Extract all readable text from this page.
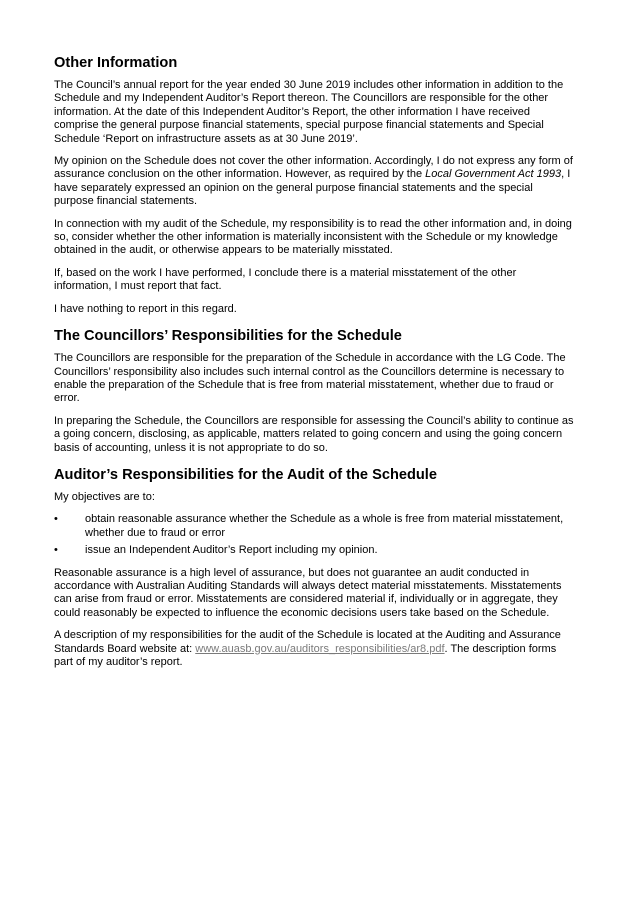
Other Information

The Council’s annual report for the year ended 30 June 2019 includes other information in addition to the Schedule and my Independent Auditor’s Report thereon. The Councillors are responsible for the other information. At the date of this Independent Auditor’s Report, the other information I have received comprise the general purpose financial statements, special purpose financial statements and Special Schedule ‘Report on infrastructure assets as at 30 June 2019’.

My opinion on the Schedule does not cover the other information. Accordingly, I do not express any form of assurance conclusion on the other information. However, as required by the Local Government Act 1993, I have separately expressed an opinion on the general purpose financial statements and the special purpose financial statements.

In connection with my audit of the Schedule, my responsibility is to read the other information and, in doing so, consider whether the other information is materially inconsistent with the Schedule or my knowledge obtained in the audit, or otherwise appears to be materially misstated.

If, based on the work I have performed, I conclude there is a material misstatement of the other information, I must report that fact.

I have nothing to report in this regard.

The Councillors’ Responsibilities for the Schedule

The Councillors are responsible for the preparation of the Schedule in accordance with the LG Code. The Councillors’ responsibility also includes such internal control as the Councillors determine is necessary to enable the preparation of the Schedule that is free from material misstatement, whether due to fraud or error.

In preparing the Schedule, the Councillors are responsible for assessing the Council’s ability to continue as a going concern, disclosing, as applicable, matters related to going concern and using the going concern basis of accounting, unless it is not appropriate to do so.

Auditor’s Responsibilities for the Audit of the Schedule

My objectives are to:

• obtain reasonable assurance whether the Schedule as a whole is free from material misstatement, whether due to fraud or error
• issue an Independent Auditor’s Report including my opinion.

Reasonable assurance is a high level of assurance, but does not guarantee an audit conducted in accordance with Australian Auditing Standards will always detect material misstatements. Misstatements can arise from fraud or error. Misstatements are considered material if, individually or in aggregate, they could reasonably be expected to influence the economic decisions users take based on the Schedule.

A description of my responsibilities for the audit of the Schedule is located at the Auditing and Assurance Standards Board website at: www.auasb.gov.au/auditors_responsibilities/ar8.pdf. The description forms part of my auditor’s report.
